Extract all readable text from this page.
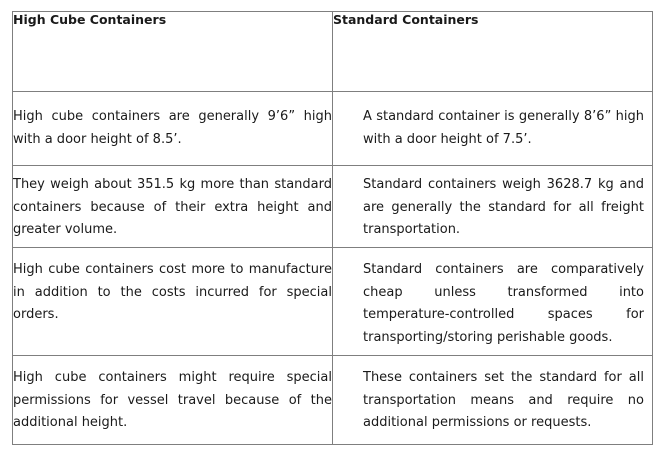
High Cube Containers	Standard Containers
High cube containers are generally 9’6” high with a door height of 8.5’.	A standard container is generally 8’6” high with a door height of 7.5’.
They weigh about 351.5 kg more than standard containers because of their extra height and greater volume.	Standard containers weigh 3628.7 kg and are generally the standard for all freight transportation.
High cube containers cost more to manufacture in addition to the costs incurred for special orders.	Standard containers are comparatively cheap unless transformed into temperature-controlled spaces for transporting/storing perishable goods.
High cube containers might require special permissions for vessel travel because of the additional height.	These containers set the standard for all transportation means and require no additional permissions or requests.
